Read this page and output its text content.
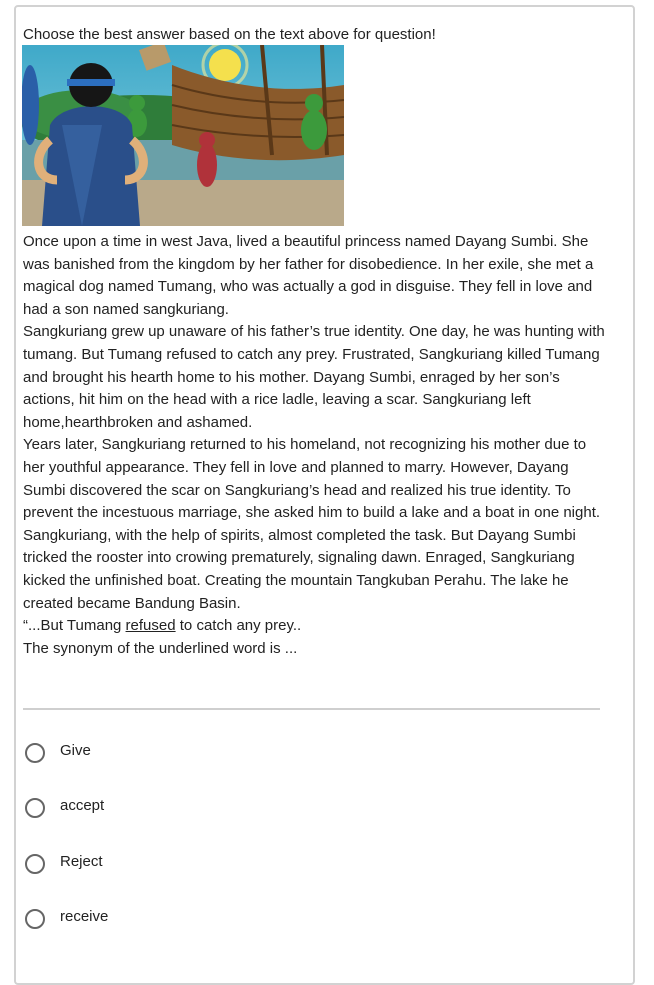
Choose the best answer based on the text above for question!

Once upon a time in west Java, lived a beautiful princess named Dayang Sumbi. She was banished from the kingdom by her father for disobedience. In her exile, she met a magical dog named Tumang, who was actually a god in disguise. They fell in love and had a son named sangkuriang.

Sangkuriang grew up unaware of his father’s true identity. One day, he was hunting with tumang. But Tumang refused to catch any prey. Frustrated, Sangkuriang killed Tumang and brought his hearth home to his mother. Dayang Sumbi, enraged by her son’s actions, hit him on the head with a rice ladle, leaving a scar. Sangkuriang left home,hearthbroken and ashamed.

Years later, Sangkuriang returned to his homeland, not recognizing his mother due to her youthful appearance. They fell in love and planned to marry. However, Dayang Sumbi discovered the scar on Sangkuriang’s head and realized his true identity. To prevent the incestuous marriage, she asked him to build a lake and a boat in one night.

Sangkuriang, with the help of spirits, almost completed the task. But Dayang Sumbi tricked the rooster into crowing prematurely, signaling dawn. Enraged, Sangkuriang kicked the unfinished boat. Creating the mountain Tangkuban Perahu. The lake he created became Bandung Basin.

“...But Tumang refused to catch any prey..

The synonym of the underlined word is ...

Give
accept
Reject
receive
